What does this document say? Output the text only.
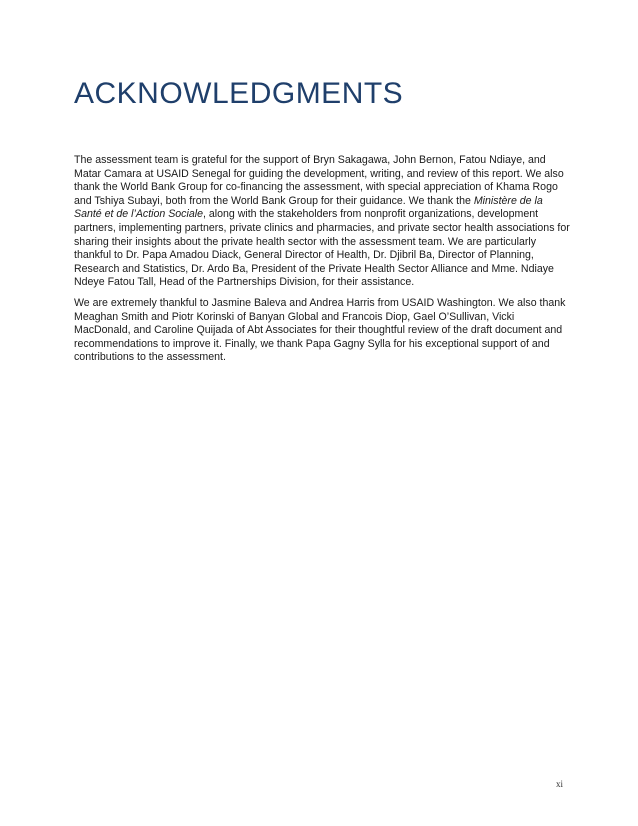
ACKNOWLEDGMENTS

The assessment team is grateful for the support of Bryn Sakagawa, John Bernon, Fatou Ndiaye, and Matar Camara at USAID Senegal for guiding the development, writing, and review of this report. We also thank the World Bank Group for co-financing the assessment, with special appreciation of Khama Rogo and Tshiya Subayi, both from the World Bank Group for their guidance. We thank the Ministère de la Santé et de l’Action Sociale, along with the stakeholders from nonprofit organizations, development partners, implementing partners, private clinics and pharmacies, and private sector health associations for sharing their insights about the private health sector with the assessment team. We are particularly thankful to Dr. Papa Amadou Diack, General Director of Health, Dr. Djibril Ba, Director of Planning, Research and Statistics, Dr. Ardo Ba, President of the Private Health Sector Alliance and Mme. Ndiaye Ndeye Fatou Tall, Head of the Partnerships Division, for their assistance.

We are extremely thankful to Jasmine Baleva and Andrea Harris from USAID Washington. We also thank Meaghan Smith and Piotr Korinski of Banyan Global and Francois Diop, Gael O’Sullivan, Vicki MacDonald, and Caroline Quijada of Abt Associates for their thoughtful review of the draft document and recommendations to improve it. Finally, we thank Papa Gagny Sylla for his exceptional support of and contributions to the assessment.

xi
